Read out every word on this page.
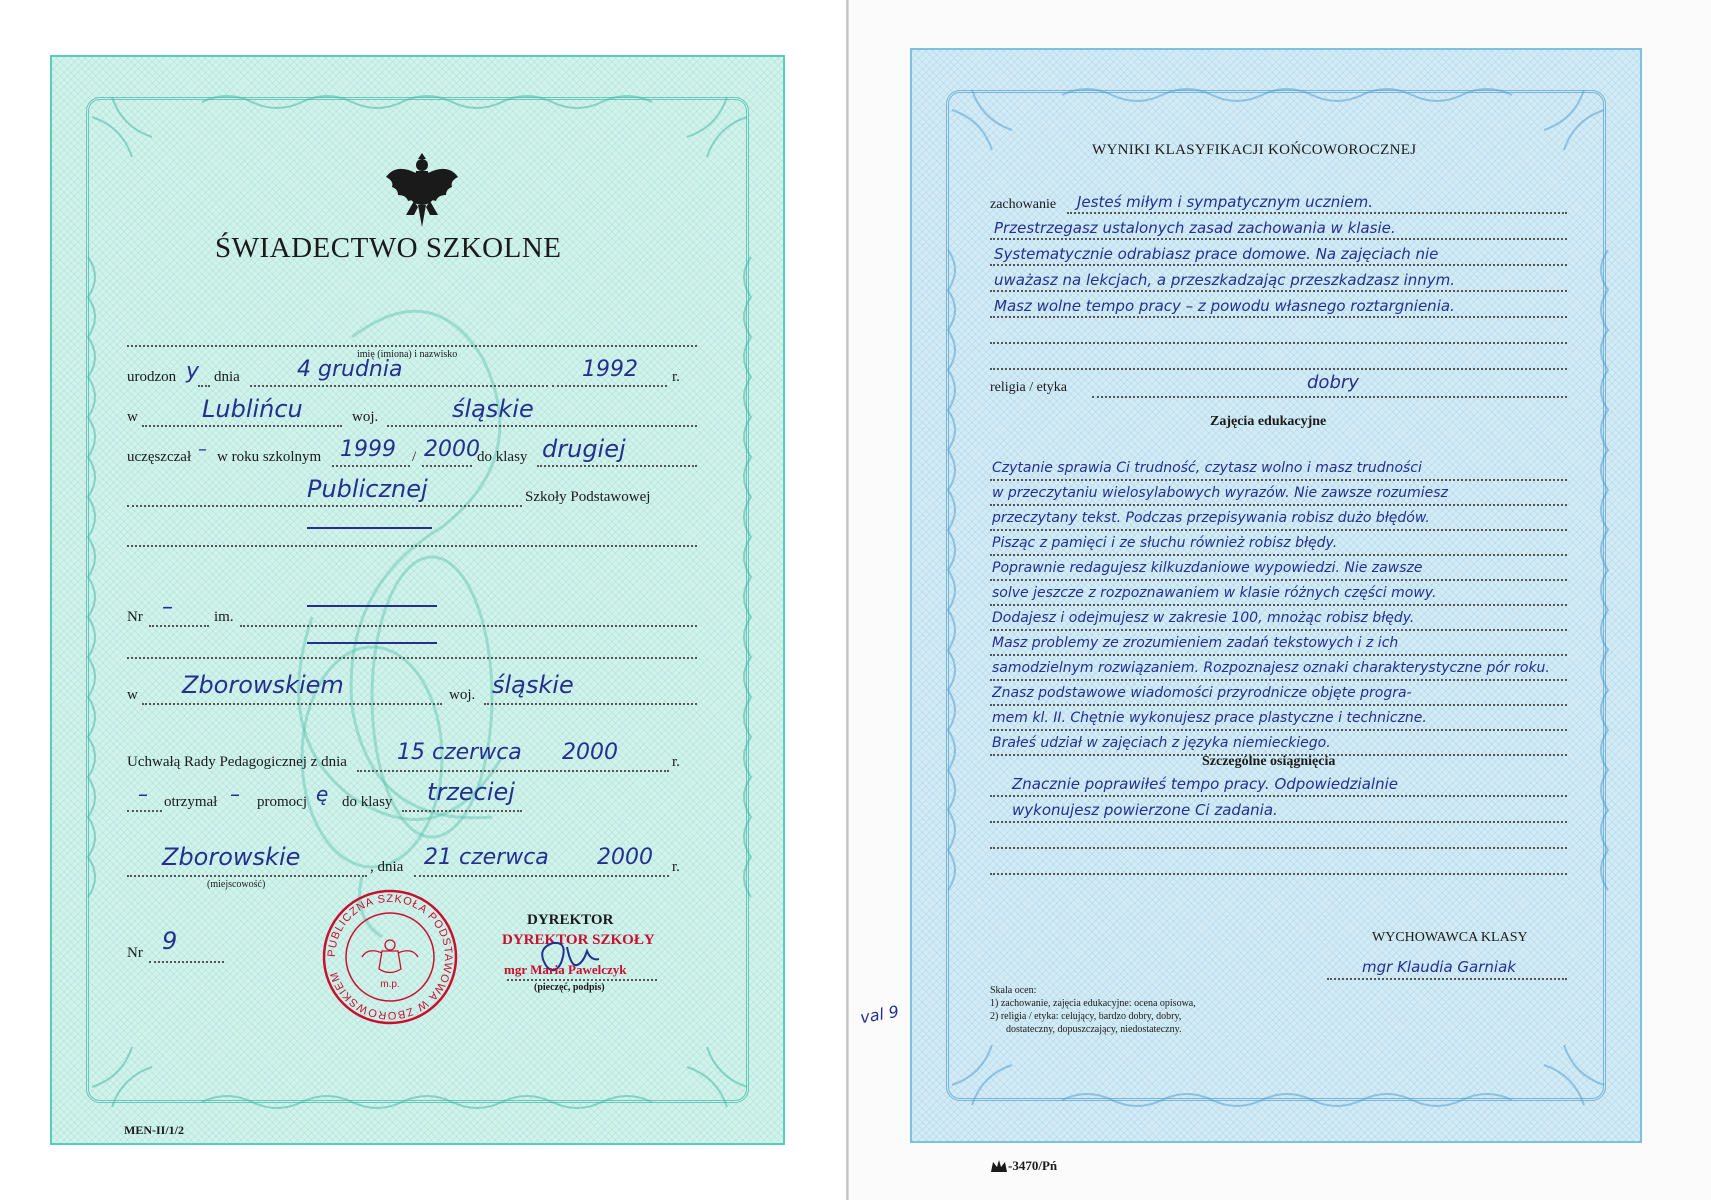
ŚWIADECTWO SZKOLNE
imię (imiona) i nazwisko
urodzon y dnia	4 grudnia	1992 r.
w	Lublińcu	woj.	śląskie
uczęszczał – w roku szkolnym 1999 / 2000
do klasy drugiej
Publicznej	Szkoły Podstawowej
Nr –	im.
w Zborowskiem	woj. śląskie
Uchwałą Rady Pedagogicznej z dnia 15 czerwca 2000	r.
– otrzymał – promocj ę do klasy trzeciej
Zborowskie
(miejscowość)
, dnia 21 czerwca 2000 r.
Nr 9	PUBLICZNA SZKOŁA PODSTAWOWA W ZBOROWSKIEM
m.p.
DYREKTOR
DYREKTOR SZKOŁY
mgr Maria Pawelczyk
(pieczęć, podpis)
MEN-II/1/2
WYNIKI KLASYFIKACJI KOŃCOWOROCZNEJ
zachowanie Jesteś miłym i sympatycznym uczniem.
Przestrzegasz ustalonych zasad zachowania w klasie.
Systematycznie odrabiasz prace domowe. Na zajęciach nie
uważasz na lekcjach, a przeszkadzając przeszkadzasz innym.
Masz wolne tempo pracy – z powodu własnego roztargnienia.
religia / etyka	dobry
Zajęcia edukacyjne
Szczególne osiągnięcia
Znacznie poprawiłeś tempo pracy. Odpowiedzialnie
wykonujesz powierzone Ci zadania.
WYCHOWAWCA KLASY
mgr Klaudia Garniak
Skala ocen:
1) zachowanie, zajęcia edukacyjne: ocena opisowa,
2) religia / etyka: celujący, bardzo dobry, dobry,
dostateczny, dopuszczający, niedostateczny.
Czytanie sprawia Ci trudność, czytasz wolno i masz trudności
w przeczytaniu wielosylabowych wyrazów. Nie zawsze rozumiesz
przeczytany tekst. Podczas przepisywania robisz dużo błędów.
Pisząc z pamięci i ze słuchu również robisz błędy.
Poprawnie redagujesz kilkuzdaniowe wypowiedzi. Nie zawsze
solve jeszcze z rozpoznawaniem w klasie różnych części mowy.
Dodajesz i odejmujesz w zakresie 100, mnożąc robisz błędy.
Masz problemy ze zrozumieniem zadań tekstowych i z ich
samodzielnym rozwiązaniem. Rozpoznajesz oznaki charakterystyczne pór roku.
Znasz podstawowe wiadomości przyrodnicze objęte progra-
mem kl. II. Chętnie wykonujesz prace plastyczne i techniczne.
Brałeś udział w zajęciach z języka niemieckiego.
val 9
-3470/Pń
